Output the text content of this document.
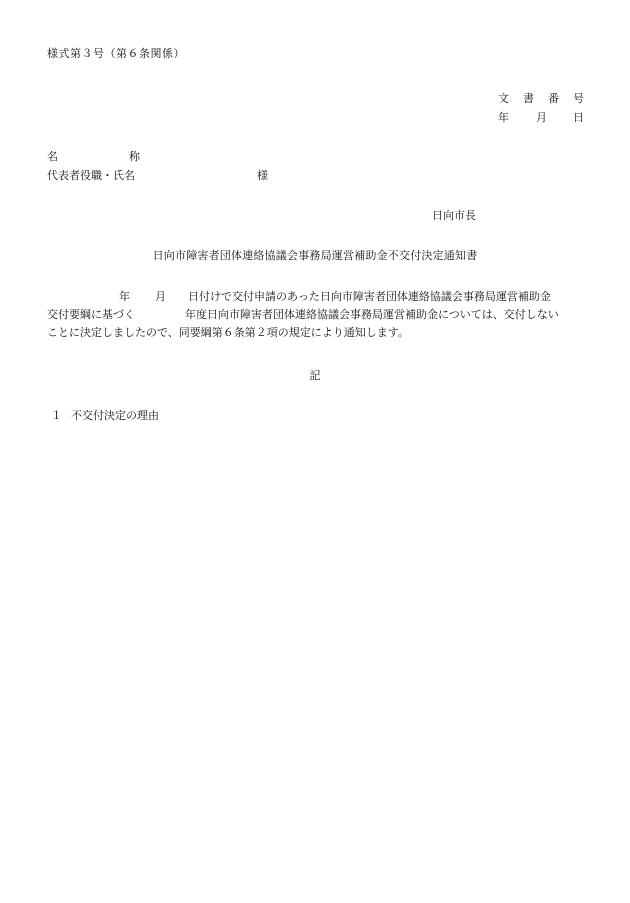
様式第３号（第６条関係）

文 書 番 号
年 月 日
名	称
代表者役職・氏名	様
日向市長

日向市障害者団体連絡協議会事務局運営補助金不交付決定通知書

年 月 日付けで交付申請のあった日向市障害者団体連絡協議会事務局運営補助金
交付要綱に基づく	年度日向市障害者団体連絡協議会事務局運営補助金については、交付しない

ことに決定しましたので、同要綱第６条第２項の規定により通知します。

記

１ 不交付決定の理由
